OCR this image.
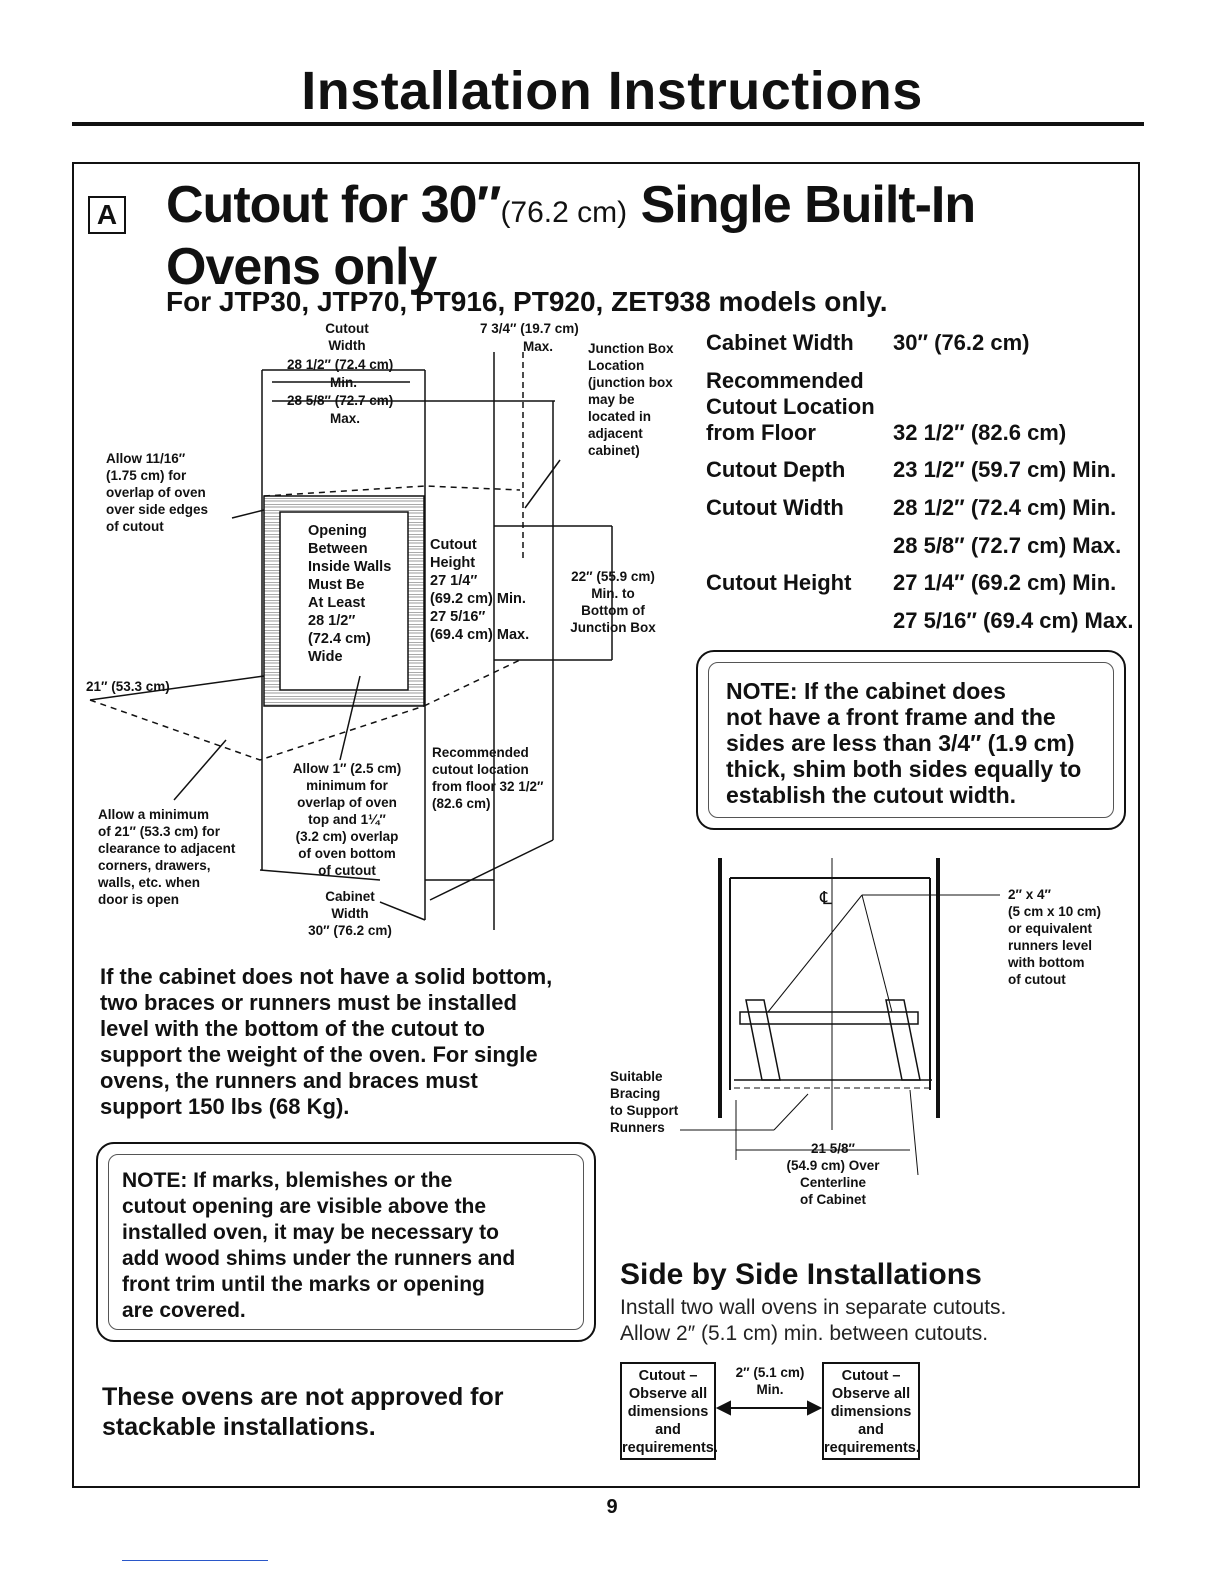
Installation Instructions
A Cutout for 30″(76.2 cm) Single Built-In
Ovens only
For JTP30, JTP70, PT916, PT920, ZET938 models only.
Cabinet Width 30″ (76.2 cm)
Recommended
Cutout Location
from Floor	32 1/2″ (82.6 cm)
Cutout Depth 23 1/2″ (59.7 cm) Min.
Cutout Width 28 1/2″ (72.4 cm) Min.
28 5/8″ (72.7 cm) Max.
Cutout Height 27 1/4″ (69.2 cm) Min.
27 5/16″ (69.4 cm) Max.
Cutout
Width
28 1/2″ (72.4 cm)
Min.
28 5/8″ (72.7 cm)
Max.
7 3/4″ (19.7 cm)
Max.	Junction Box
Location
(junction box
may be
located in
adjacent
cabinet)
Allow 11/16″
(1.75 cm) for
overlap of oven
over side edges
of cutout	Opening
Between
Inside Walls
Must Be
At Least
28 1/2″
(72.4 cm)
Wide
Cutout
Height
27 1/4″
(69.2 cm) Min.
27 5/16″
(69.4 cm) Max.
22″ (55.9 cm)
Min. to
Bottom of
Junction Box
21″ (53.3 cm)
Recommended
cutout location
from floor 32 1/2″
(82.6 cm)
Allow 1″ (2.5 cm)
minimum for
overlap of oven
top and 1¼″
(3.2 cm) overlap
of oven bottom
of cutout
Allow a minimum
of 21″ (53.3 cm) for
clearance to adjacent
corners, drawers,
walls, etc. when
door is open	Cabinet
Width
30″ (76.2 cm)
If the cabinet does not have a solid bottom,
two braces or runners must be installed
level with the bottom of the cutout to
support the weight of the oven. For single
ovens, the runners and braces must
support 150 lbs (68 Kg).
NOTE: If the cabinet does
not have a front frame and the
sides are less than 3/4″ (1.9 cm)
thick, shim both sides equally to
establish the cutout width.
NOTE: If marks, blemishes or the
cutout opening are visible above the
installed oven, it may be necessary to
add wood shims under the runners and
front trim until the marks or opening
are covered.
℄	2″ x 4″
(5 cm x 10 cm)
or equivalent
runners level
with bottom
of cutout
Suitable
Bracing
to Support
Runners
21 5/8″
(54.9 cm) Over
Centerline
of Cabinet
Side by Side Installations
Install two wall ovens in separate cutouts.
Allow 2″ (5.1 cm) min. between cutouts.
Cutout –
Observe all
dimensions
and
requirements.
Cutout –
Observe all
dimensions
and
requirements.
2″ (5.1 cm)
Min.
These ovens are not approved for
stackable installations.
9
